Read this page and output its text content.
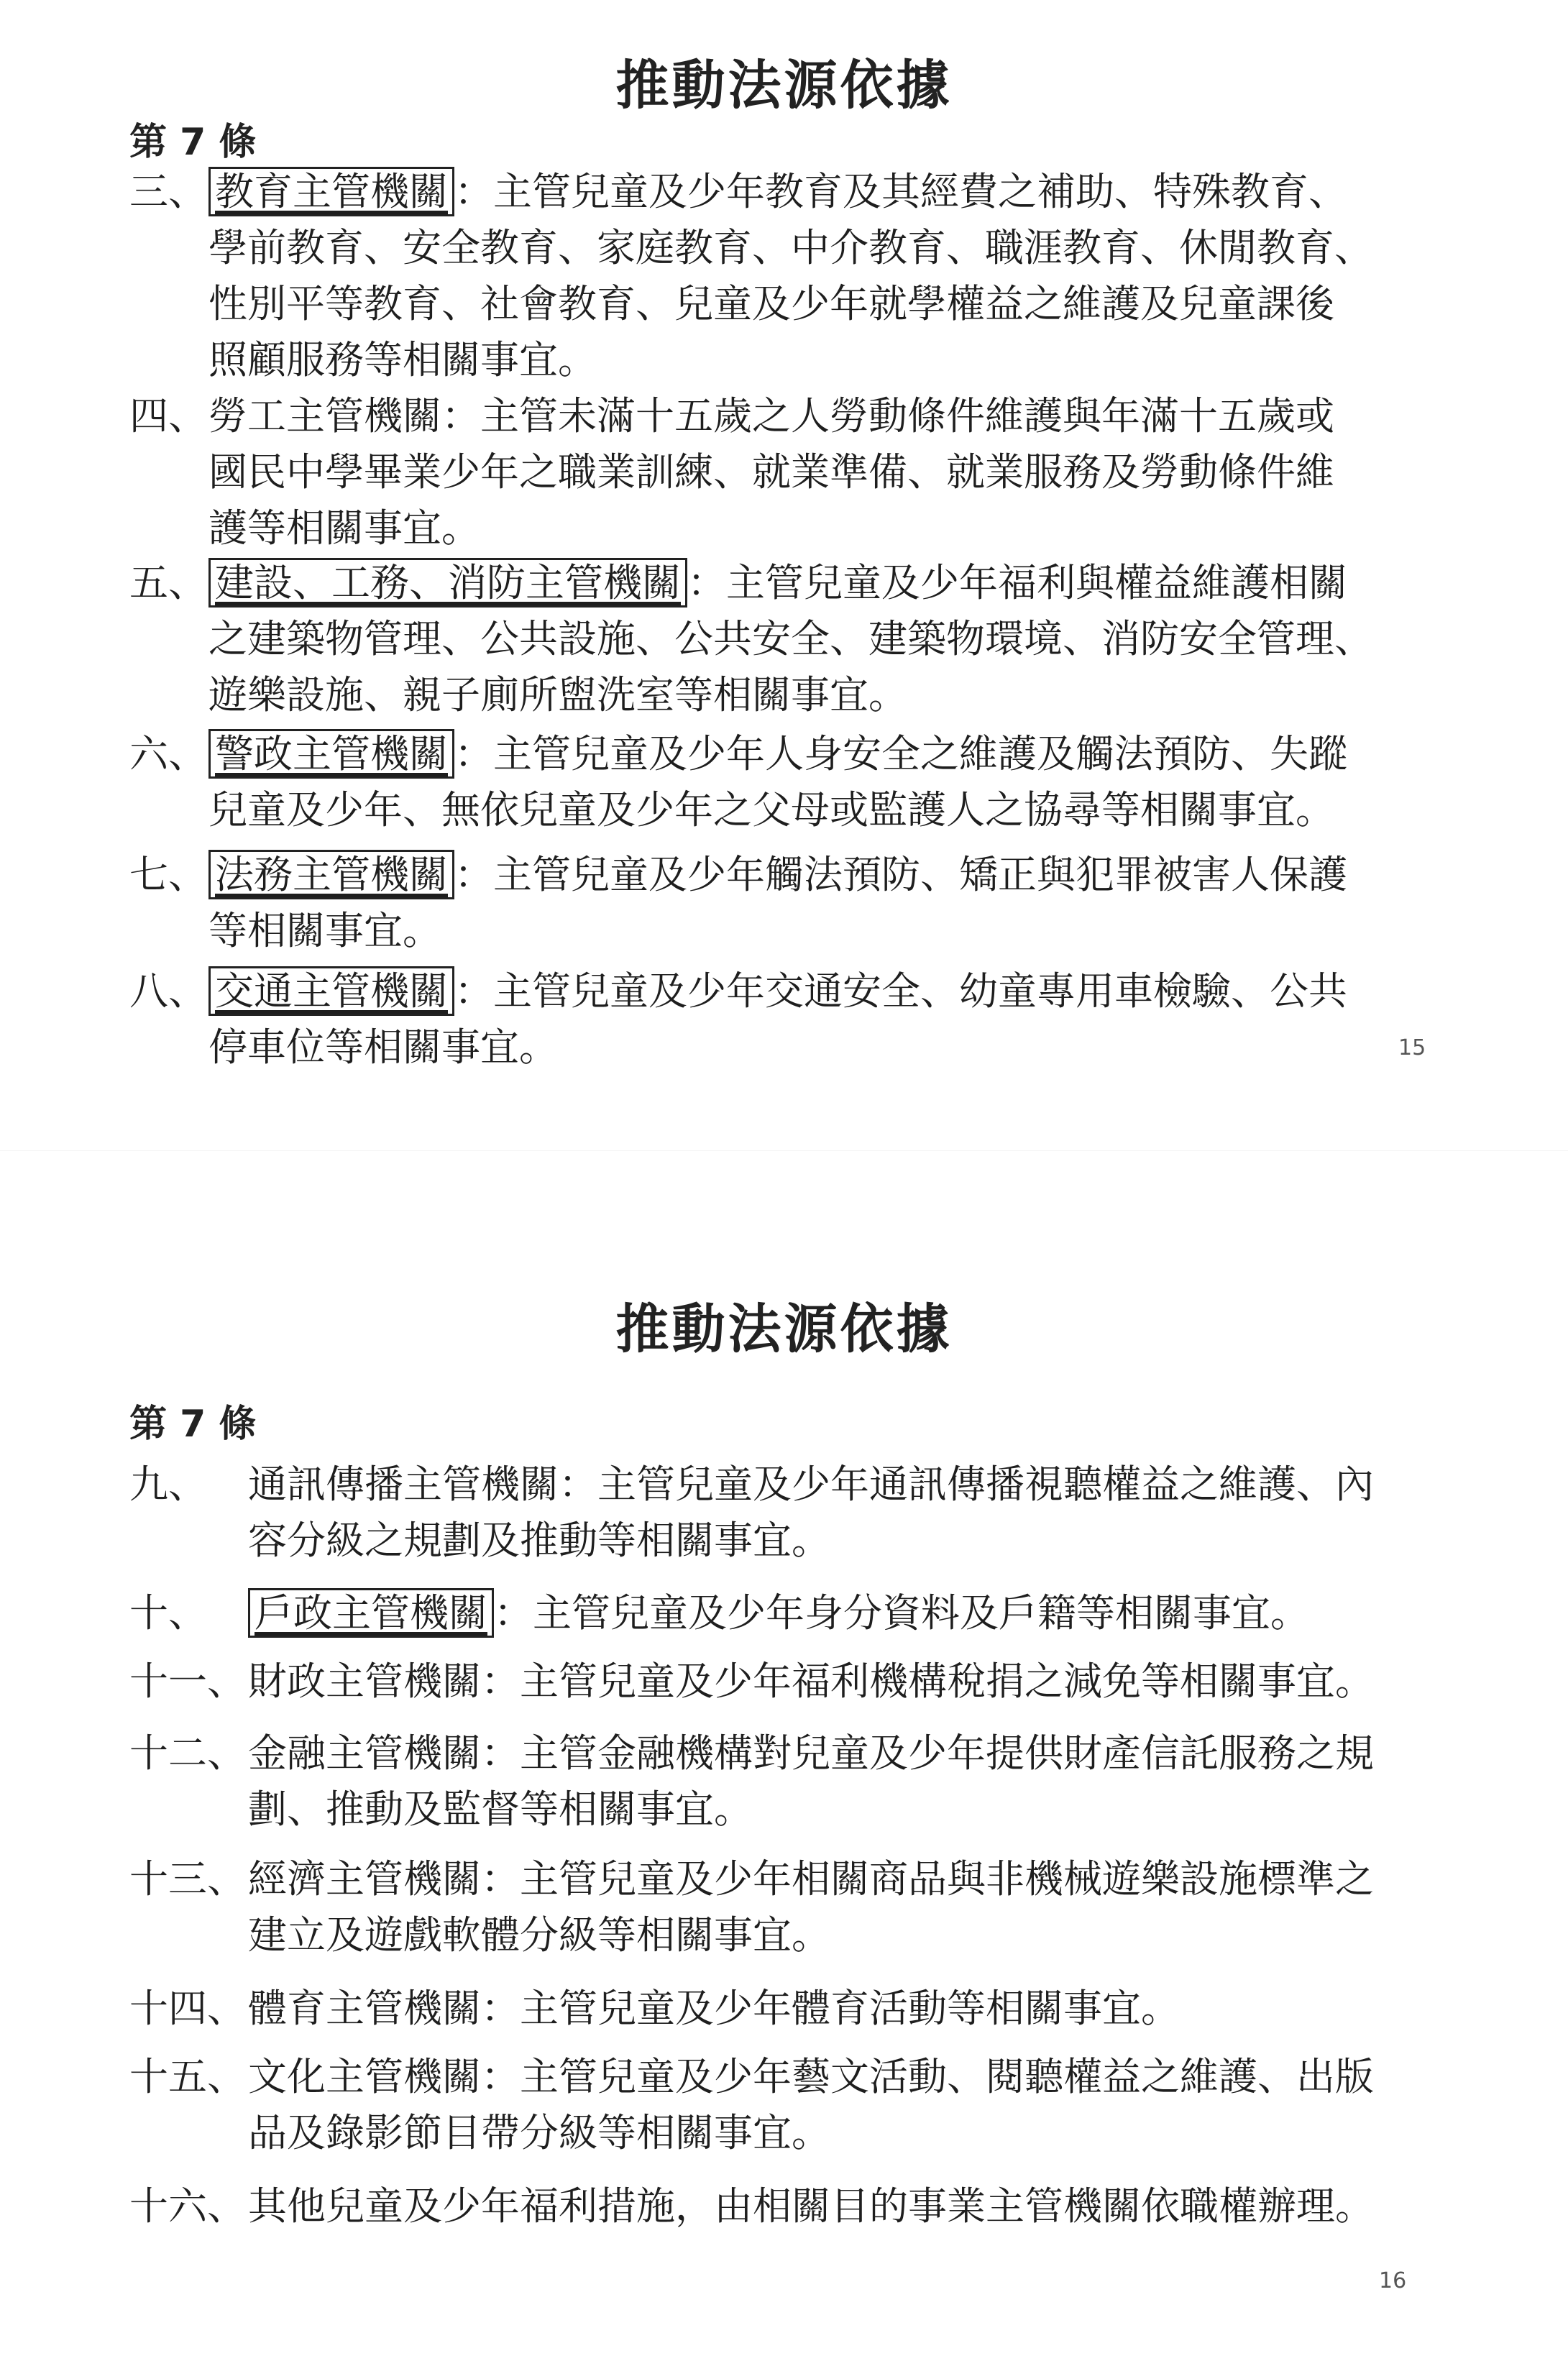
推動法源依據
第 7 條
三、 教育主管機關 ：主管兒童及少年教育及其經費之補助、特殊教育、
學前教育、安全教育、家庭教育、中介教育、職涯教育、休閒教育、
性別平等教育、社會教育、兒童及少年就學權益之維護及兒童課後
照顧服務等相關事宜。
四、 勞工主管機關：主管未滿十五歲之人勞動條件維護與年滿十五歲或
國民中學畢業少年之職業訓練、就業準備、就業服務及勞動條件維
護等相關事宜。
五、 建設、工務、消防主管機關 ：主管兒童及少年福利與權益維護相關
之建築物管理、公共設施、公共安全、建築物環境、消防安全管理、
遊樂設施、親子廁所盥洗室等相關事宜。
六、 警政主管機關 ：主管兒童及少年人身安全之維護及觸法預防、失蹤
兒童及少年、無依兒童及少年之父母或監護人之協尋等相關事宜。
七、 法務主管機關 ：主管兒童及少年觸法預防、矯正與犯罪被害人保護
等相關事宜。
八、 交通主管機關 ：主管兒童及少年交通安全、幼童專用車檢驗、公共
停車位等相關事宜。	15
推動法源依據
第 7 條
九、 通訊傳播主管機關：主管兒童及少年通訊傳播視聽權益之維護、內
容分級之規劃及推動等相關事宜。
十、 戶政主管機關 ：主管兒童及少年身分資料及戶籍等相關事宜。
十一、 財政主管機關：主管兒童及少年福利機構稅捐之減免等相關事宜。
十二、 金融主管機關：主管金融機構對兒童及少年提供財產信託服務之規
劃、推動及監督等相關事宜。
十三、 經濟主管機關：主管兒童及少年相關商品與非機械遊樂設施標準之
建立及遊戲軟體分級等相關事宜。
十四、 體育主管機關：主管兒童及少年體育活動等相關事宜。
十五、 文化主管機關：主管兒童及少年藝文活動、閱聽權益之維護、出版
品及錄影節目帶分級等相關事宜。
十六、 其他兒童及少年福利措施，由相關目的事業主管機關依職權辦理。
16
